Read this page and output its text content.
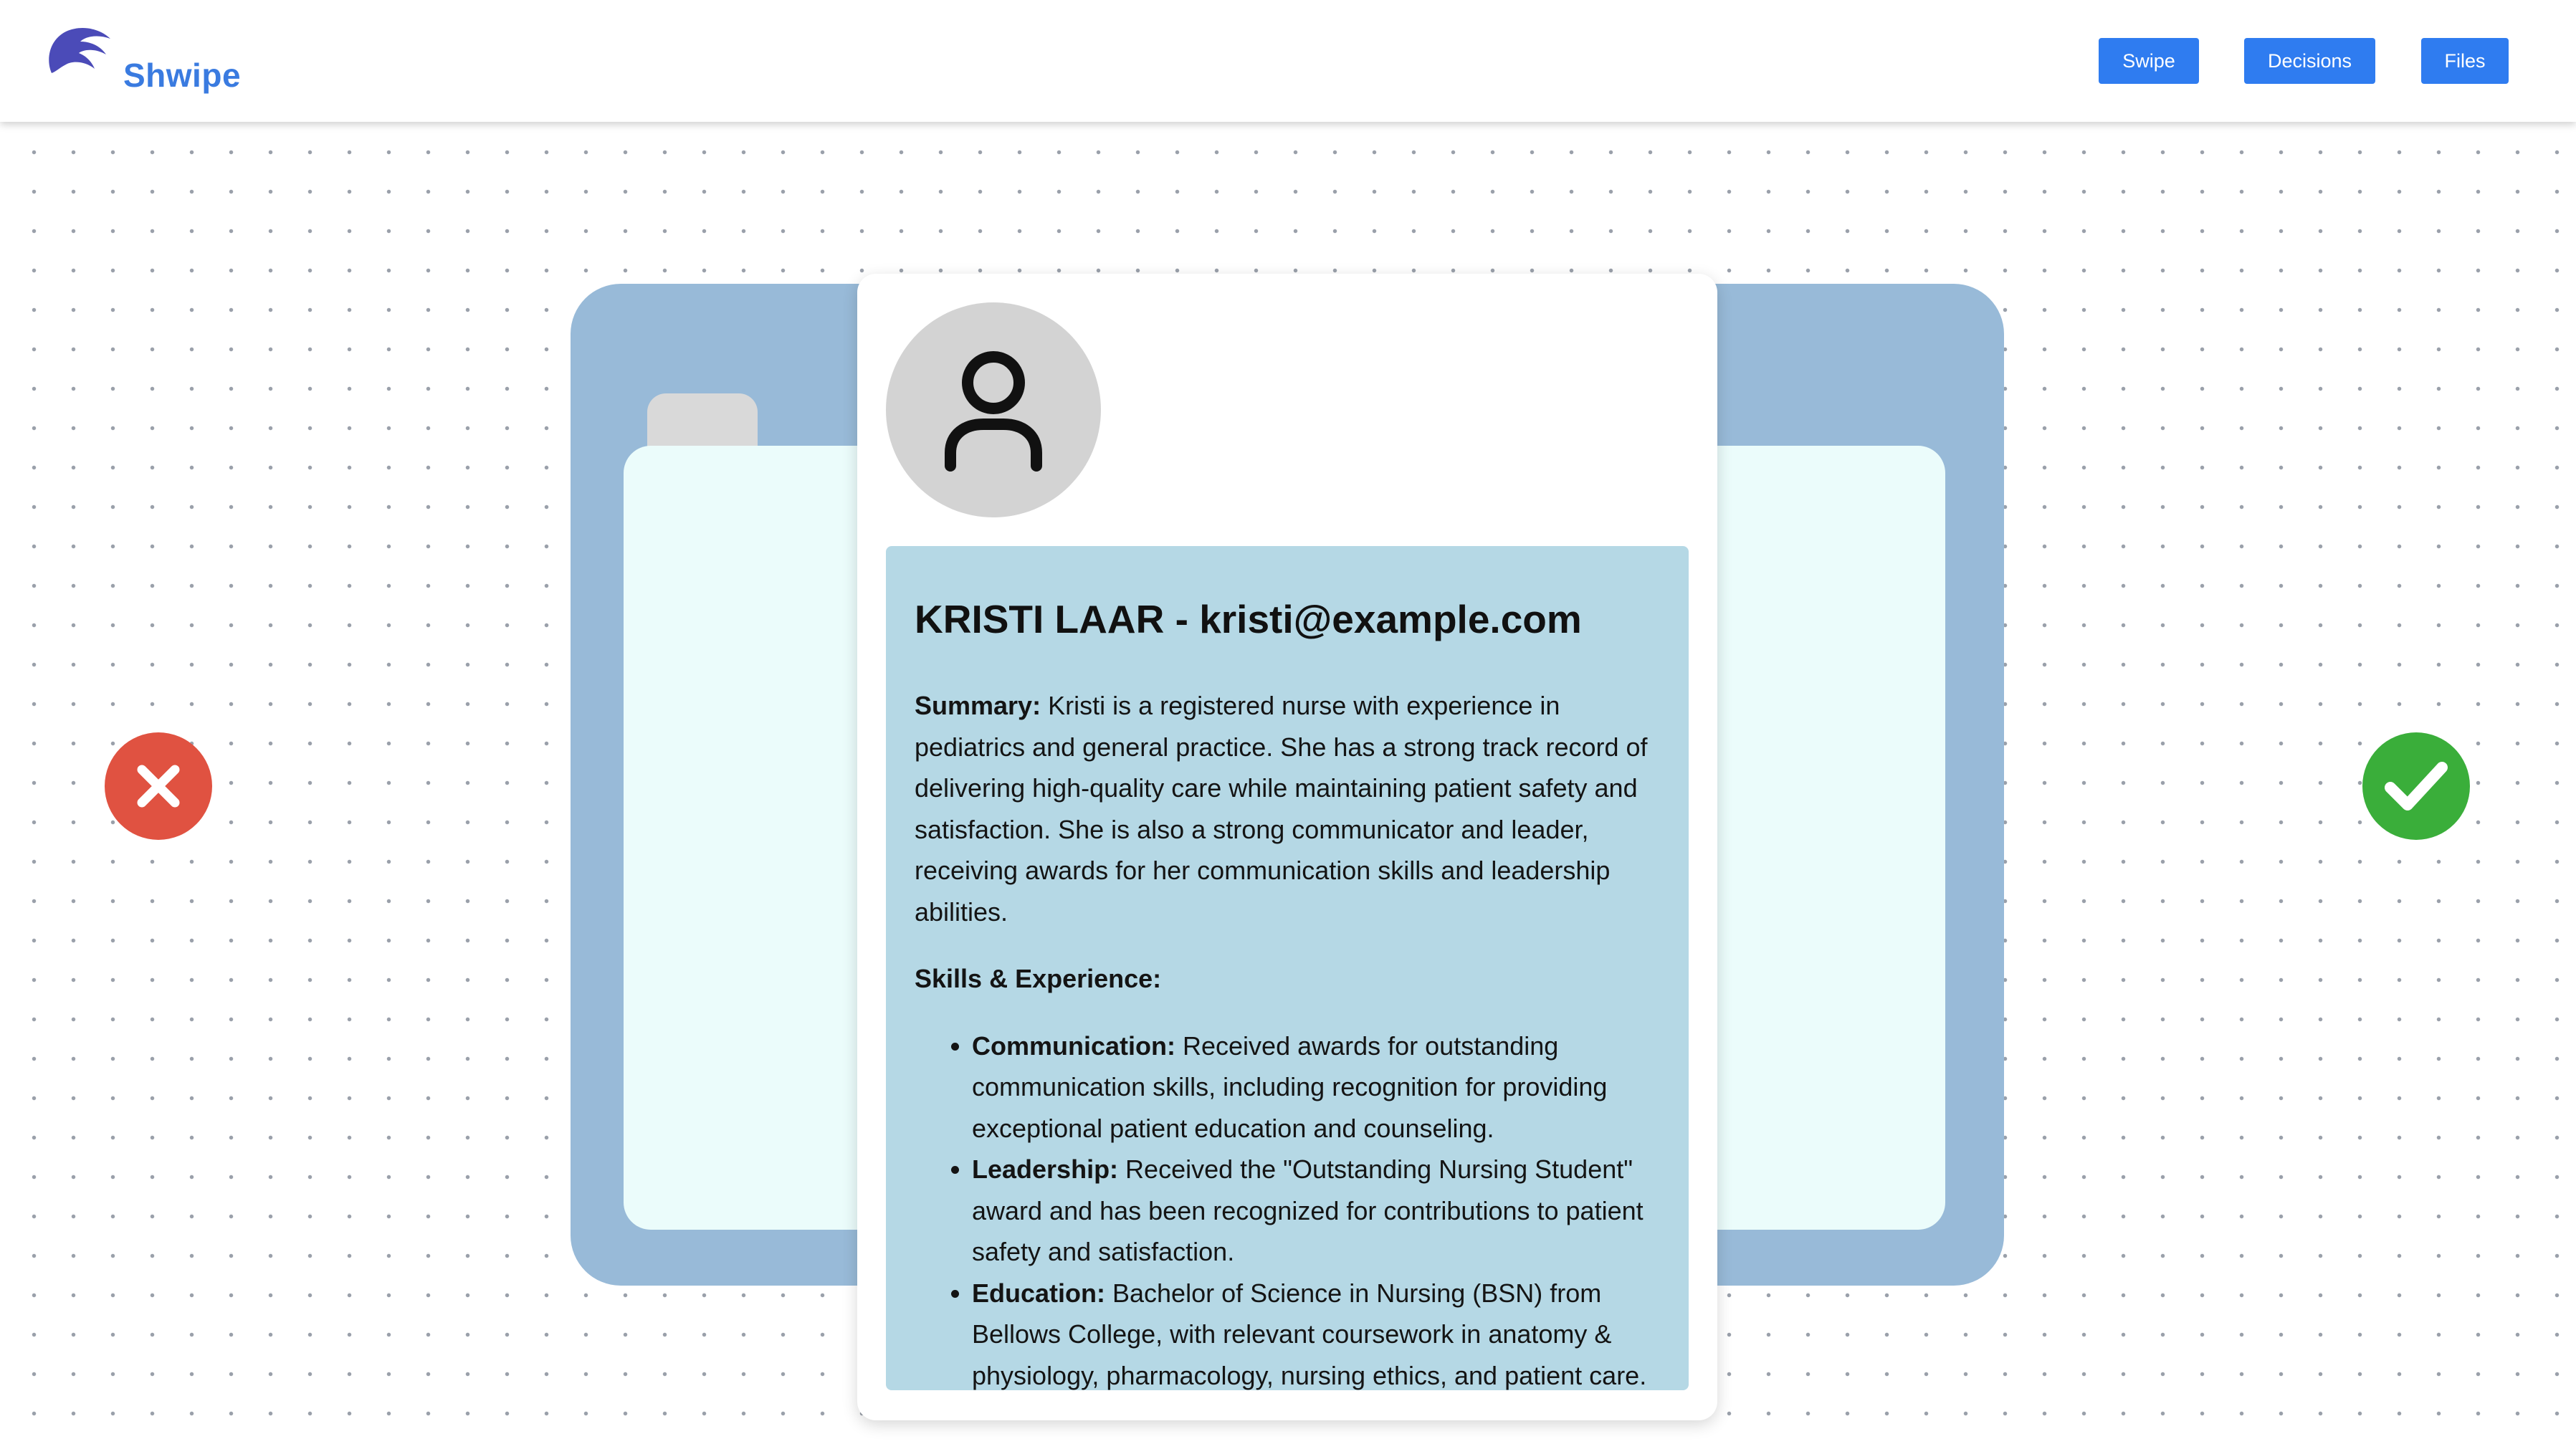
Shwipe	Swipe	Decisions	Files
KRISTI LAAR - kristi@example.com

Summary: Kristi is a registered nurse with experience in pediatrics and general practice. She has a strong track record of delivering high-quality care while maintaining patient safety and satisfaction. She is also a strong communicator and leader, receiving awards for her communication skills and leadership abilities.

Skills & Experience:

• Communication: Received awards for outstanding communication skills, including recognition for providing exceptional patient education and counseling.
• Leadership: Received the "Outstanding Nursing Student" award and has been recognized for contributions to patient safety and satisfaction.
• Education: Bachelor of Science in Nursing (BSN) from Bellows College, with relevant coursework in anatomy & physiology, pharmacology, nursing ethics, and patient care.
